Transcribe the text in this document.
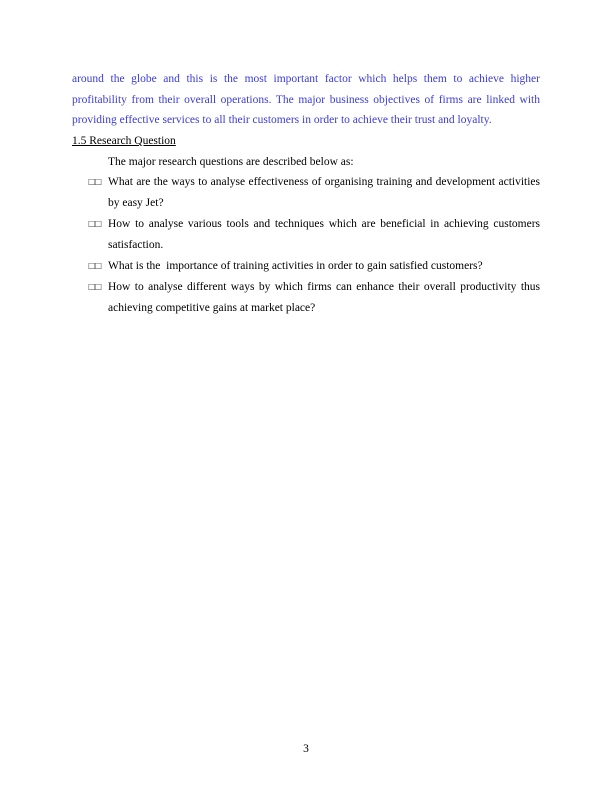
around the globe and this is the most important factor which helps them to achieve higher profitability from their overall operations. The major business objectives of firms are linked with providing effective services to all their customers in order to achieve their trust and loyalty.

1.5 Research Question

The major research questions are described below as:

□□ What are the ways to analyse effectiveness of organising training and development activities by easy Jet?
□□ How to analyse various tools and techniques which are beneficial in achieving customers satisfaction.
□□ What is the  importance of training activities in order to gain satisfied customers?
□□ How to analyse different ways by which firms can enhance their overall productivity thus achieving competitive gains at market place?

3
